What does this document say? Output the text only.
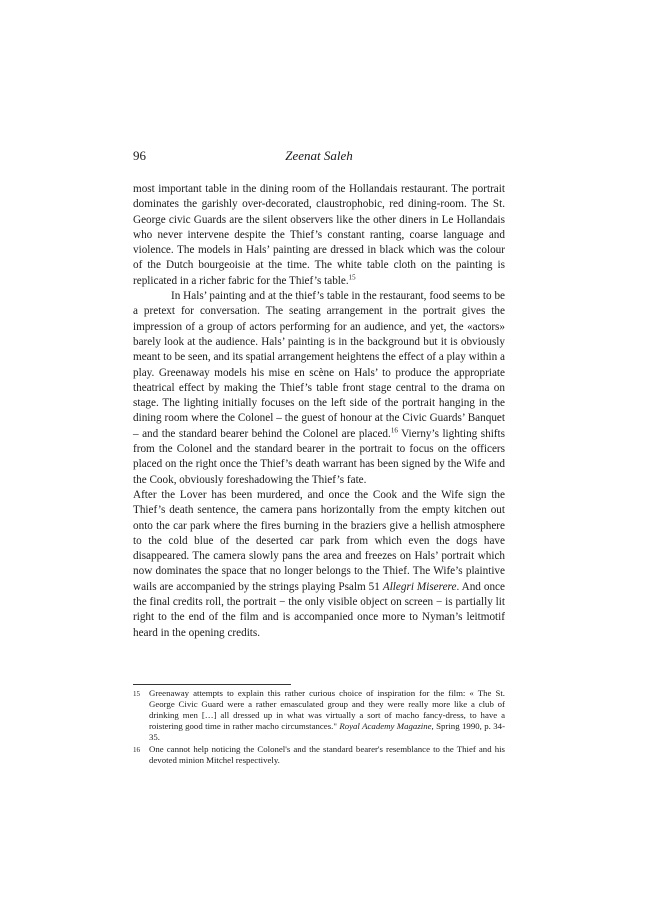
96	Zeenat Saleh

most important table in the dining room of the Hollandais restaurant. The portrait dominates the garishly over-decorated, claustrophobic, red dining-room. The St. George civic Guards are the silent observers like the other diners in Le Hollandais who never intervene despite the Thief’s constant ranting, coarse language and violence. The models in Hals’ painting are dressed in black which was the colour of the Dutch bourgeoisie at the time. The white table cloth on the painting is replicated in a richer fabric for the Thief’s table.$^{15}$

In Hals’ painting and at the thief’s table in the restaurant, food seems to be a pretext for conversation. The seating arrangement in the portrait gives the impression of a group of actors performing for an audience, and yet, the «actors» barely look at the audience. Hals’ painting is in the background but it is obviously meant to be seen, and its spatial arrangement heightens the effect of a play within a play. Greenaway models his mise en scène on Hals’ to produce the appropriate theatrical effect by making the Thief’s table front stage central to the drama on stage. The lighting initially focuses on the left side of the portrait hanging in the dining room where the Colonel – the guest of honour at the Civic Guards’ Banquet – and the standard bearer behind the Colonel are placed.$^{16}$ Vierny’s lighting shifts from the Colonel and the standard bearer in the portrait to focus on the officers placed on the right once the Thief’s death warrant has been signed by the Wife and the Cook, obviously foreshadowing the Thief’s fate.

After the Lover has been murdered, and once the Cook and the Wife sign the Thief’s death sentence, the camera pans horizontally from the empty kitchen out onto the car park where the fires burning in the braziers give a hellish atmosphere to the cold blue of the deserted car park from which even the dogs have disappeared. The camera slowly pans the area and freezes on Hals’ portrait which now dominates the space that no longer belongs to the Thief. The Wife’s plaintive wails are accompanied by the strings playing Psalm 51 Allegri Miserere. And once the final credits roll, the portrait − the only visible object on screen − is partially lit right to the end of the film and is accompanied once more to Nyman’s leitmotif heard in the opening credits.

15	Greenaway attempts to explain this rather curious choice of inspiration for the film: « The St. George Civic Guard were a rather emasculated group and they were really more like a club of drinking men […] all dressed up in what was virtually a sort of macho fancy-dress, to have a roistering good time in rather macho circumstances." Royal Academy Magazine, Spring 1990, p. 34-35.
16	One cannot help noticing the Colonel's and the standard bearer's resemblance to the Thief and his devoted minion Mitchel respectively.
